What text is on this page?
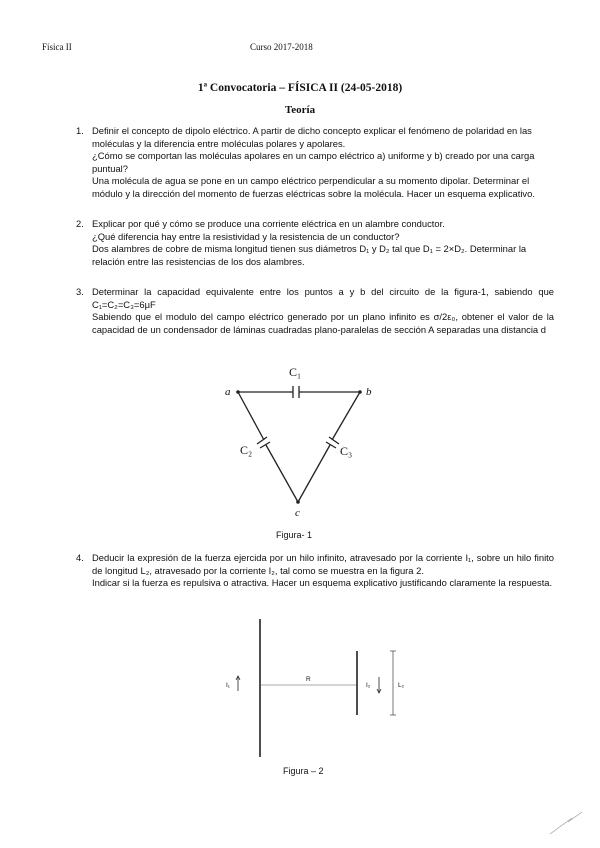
Física II	Curso 2017-2018
1ª Convocatoria – FÍSICA II (24-05-2018)
Teoría
1. Definir el concepto de dipolo eléctrico. A partir de dicho concepto explicar el fenómeno de polaridad en las moléculas y la diferencia entre moléculas polares y apolares.

¿Cómo se comportan las moléculas apolares en un campo eléctrico a) uniforme y b) creado por una carga puntual?

Una molécula de agua se pone en un campo eléctrico perpendicular a su momento dipolar. Determinar el módulo y la dirección del momento de fuerzas eléctricas sobre la molécula. Hacer un esquema explicativo.

2. Explicar por qué y cómo se produce una corriente eléctrica en un alambre conductor.

¿Qué diferencia hay entre la resistividad y la resistencia de un conductor?

Dos alambres de cobre de misma longitud tienen sus diámetros D₁ y D₂ tal que D₁ = 2×D₂. Determinar la relación entre las resistencias de los dos alambres.

3. Determinar la capacidad equivalente entre los puntos a y b del circuito de la figura-1, sabiendo que C₁=C₂=C₃=6μF

Sabiendo que el modulo del campo eléctrico generado por un plano infinito es σ/2ε₀, obtener el valor de la capacidad de un condensador de láminas cuadradas plano-paralelas de sección A separadas una distancia d

a	b
c
C₁
C₂	C₃
Figura- 1
4. Deducir la expresión de la fuerza ejercida por un hilo infinito, atravesado por la corriente I₁, sobre un hilo finito de longitud L₂, atravesado por la corriente I₂, tal como se muestra en la figura 2.

Indicar si la fuerza es repulsiva o atractiva. Hacer un esquema explicativo justificando claramente la respuesta.

I₁
R
I₂	L₂
Figura – 2
